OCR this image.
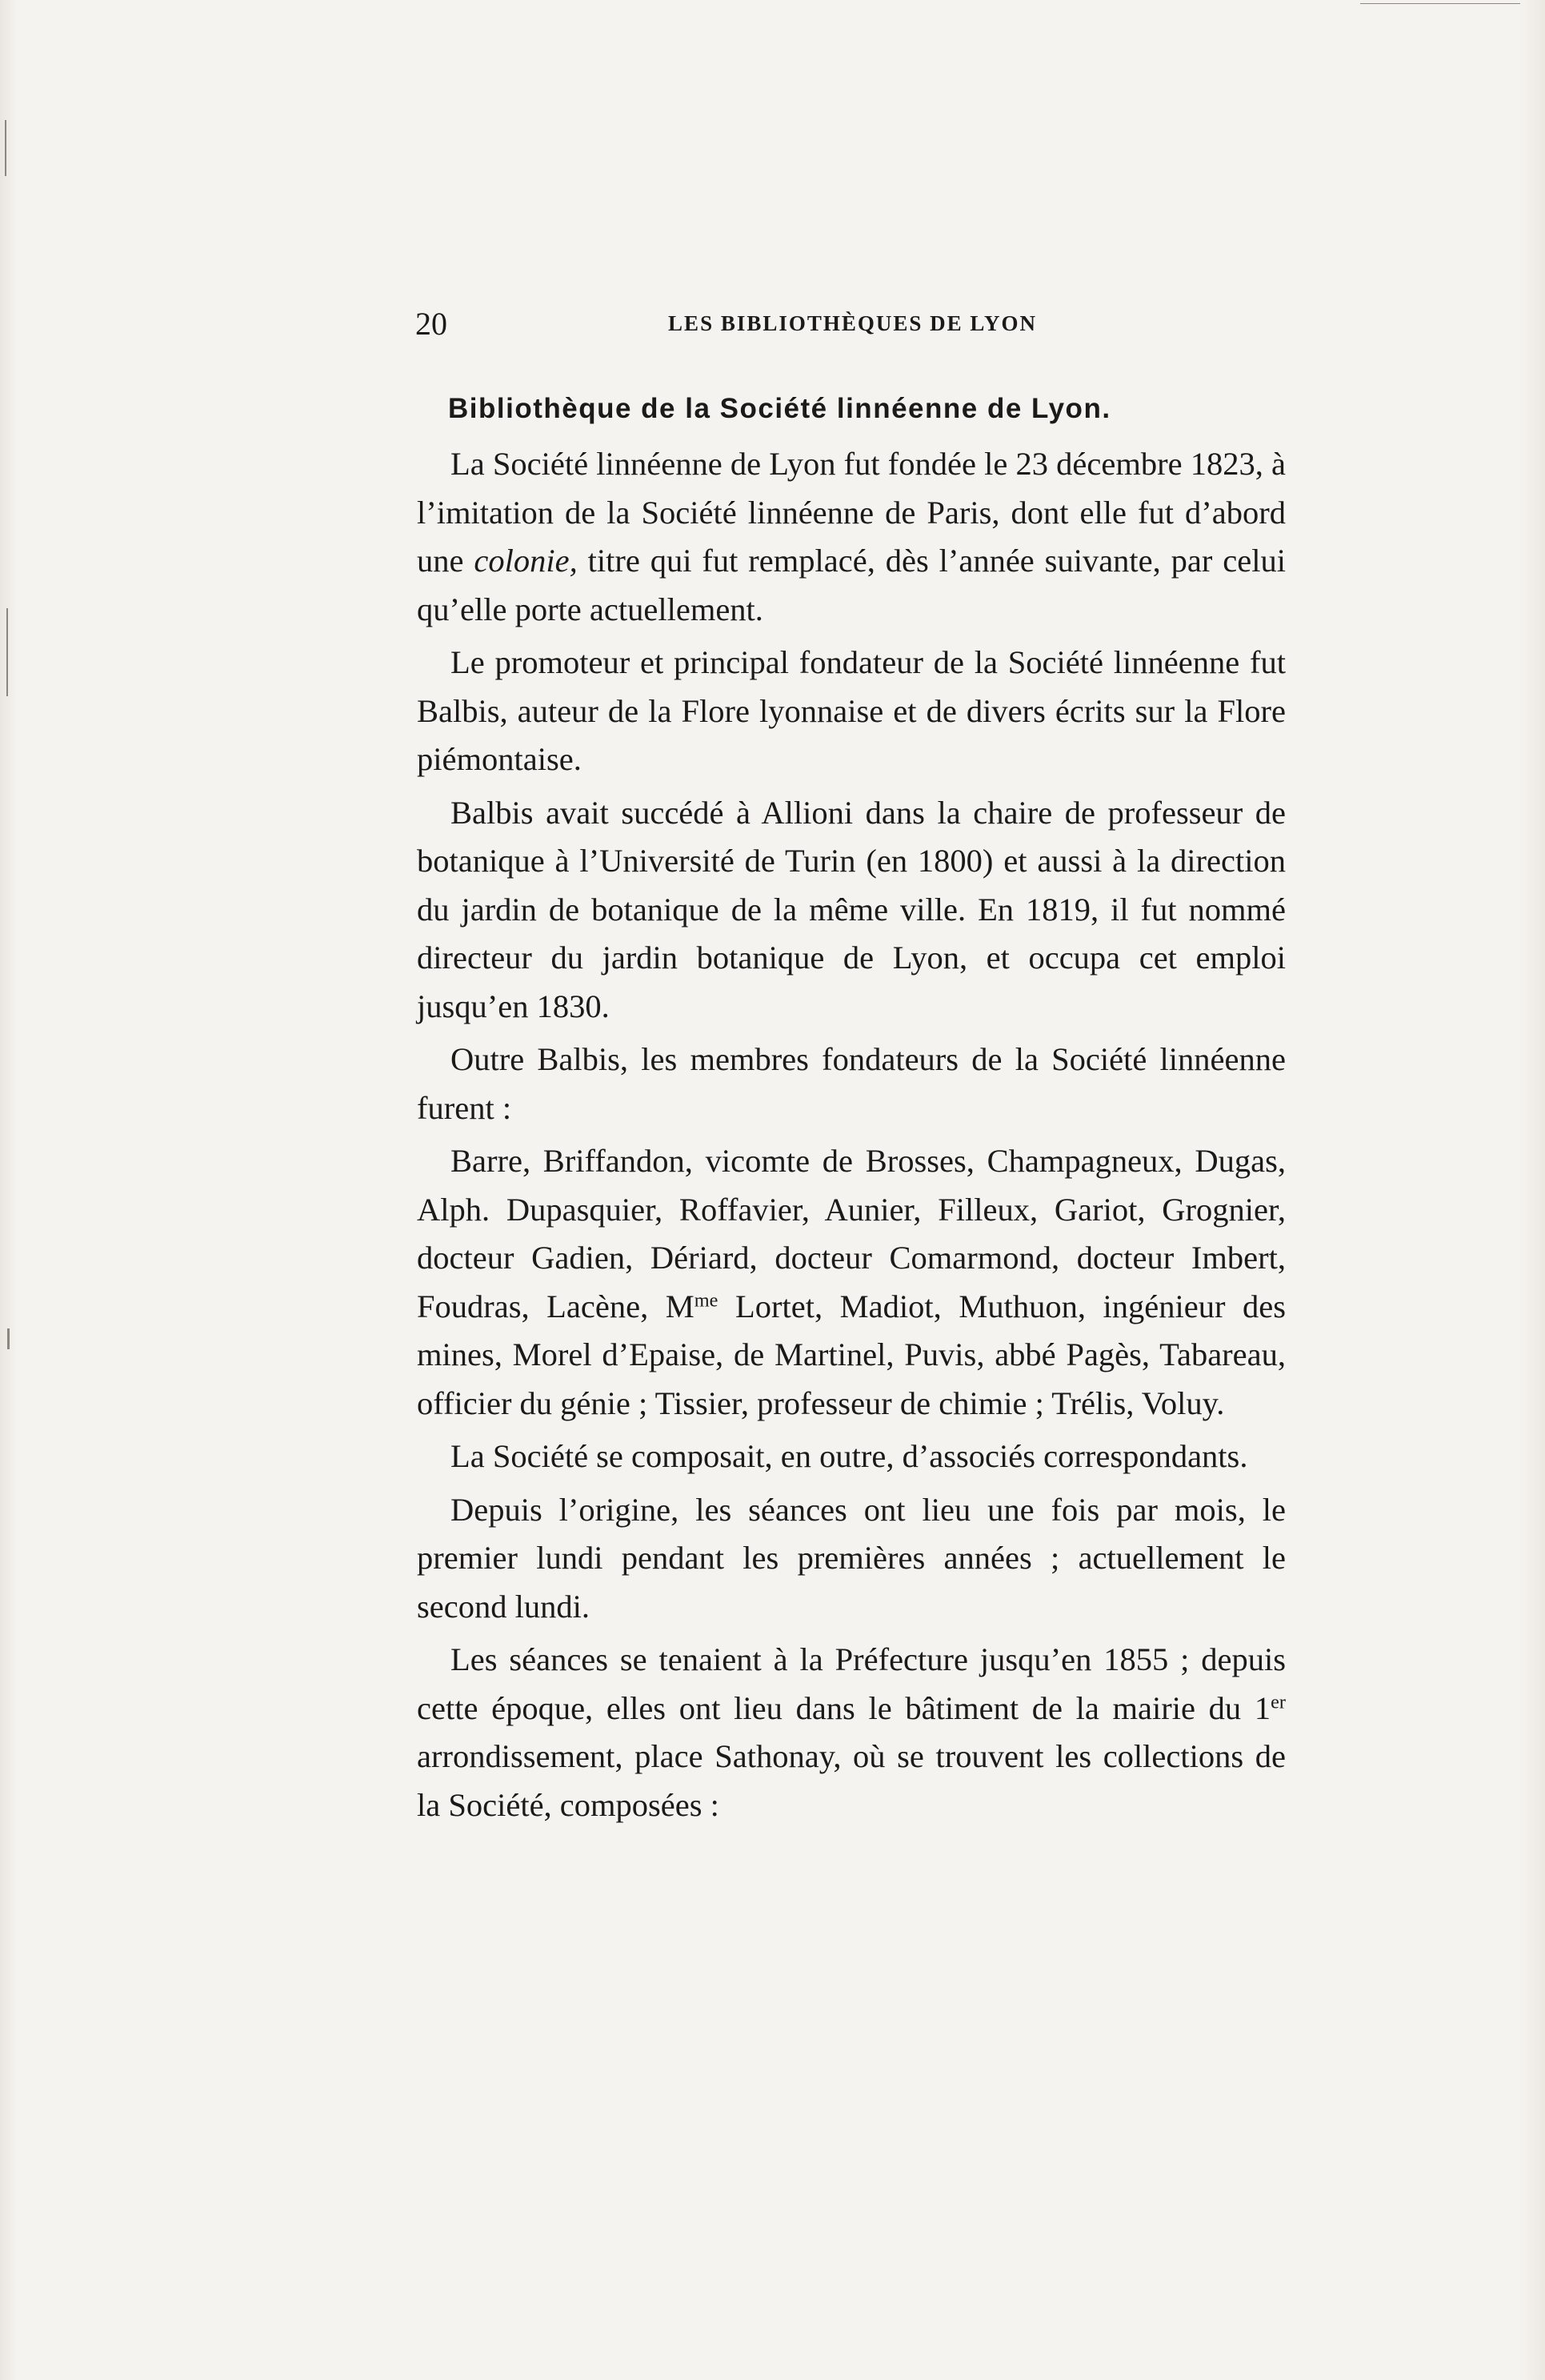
20	LES BIBLIOTHÈQUES DE LYON
Bibliothèque de la Société linnéenne de Lyon.

La Société linnéenne de Lyon fut fondée le 23 décembre 1823, à l’imitation de la Société linnéenne de Paris, dont elle fut d’abord une colonie, titre qui fut remplacé, dès l’année suivante, par celui qu’elle porte actuellement.

Le promoteur et principal fondateur de la Société linnéenne fut Balbis, auteur de la Flore lyonnaise et de divers écrits sur la Flore piémontaise.

Balbis avait succédé à Allioni dans la chaire de professeur de botanique à l’Université de Turin (en 1800) et aussi à la direction du jardin de botanique de la même ville. En 1819, il fut nommé directeur du jardin botanique de Lyon, et occupa cet emploi jusqu’en 1830.

Outre Balbis, les membres fondateurs de la Société linnéenne furent :

Barre, Briffandon, vicomte de Brosses, Champagneux, Dugas, Alph. Dupasquier, Roffavier, Aunier, Filleux, Gariot, Grognier, docteur Gadien, Dériard, docteur Comarmond, docteur Imbert, Foudras, Lacène, $M^{me}$ Lortet, Madiot, Muthuon, ingénieur des mines, Morel d’Epaise, de Martinel, Puvis, abbé Pagès, Tabareau, officier du génie ; Tissier, professeur de chimie ; Trélis, Voluy.

La Société se composait, en outre, d’associés correspondants.

Depuis l’origine, les séances ont lieu une fois par mois, le premier lundi pendant les premières années ; actuellement le second lundi.

Les séances se tenaient à la Préfecture jusqu’en 1855 ; depuis cette époque, elles ont lieu dans le bâtiment de la mairie du 1er arrondissement, place Sathonay, où se trouvent les collections de la Société, composées :
